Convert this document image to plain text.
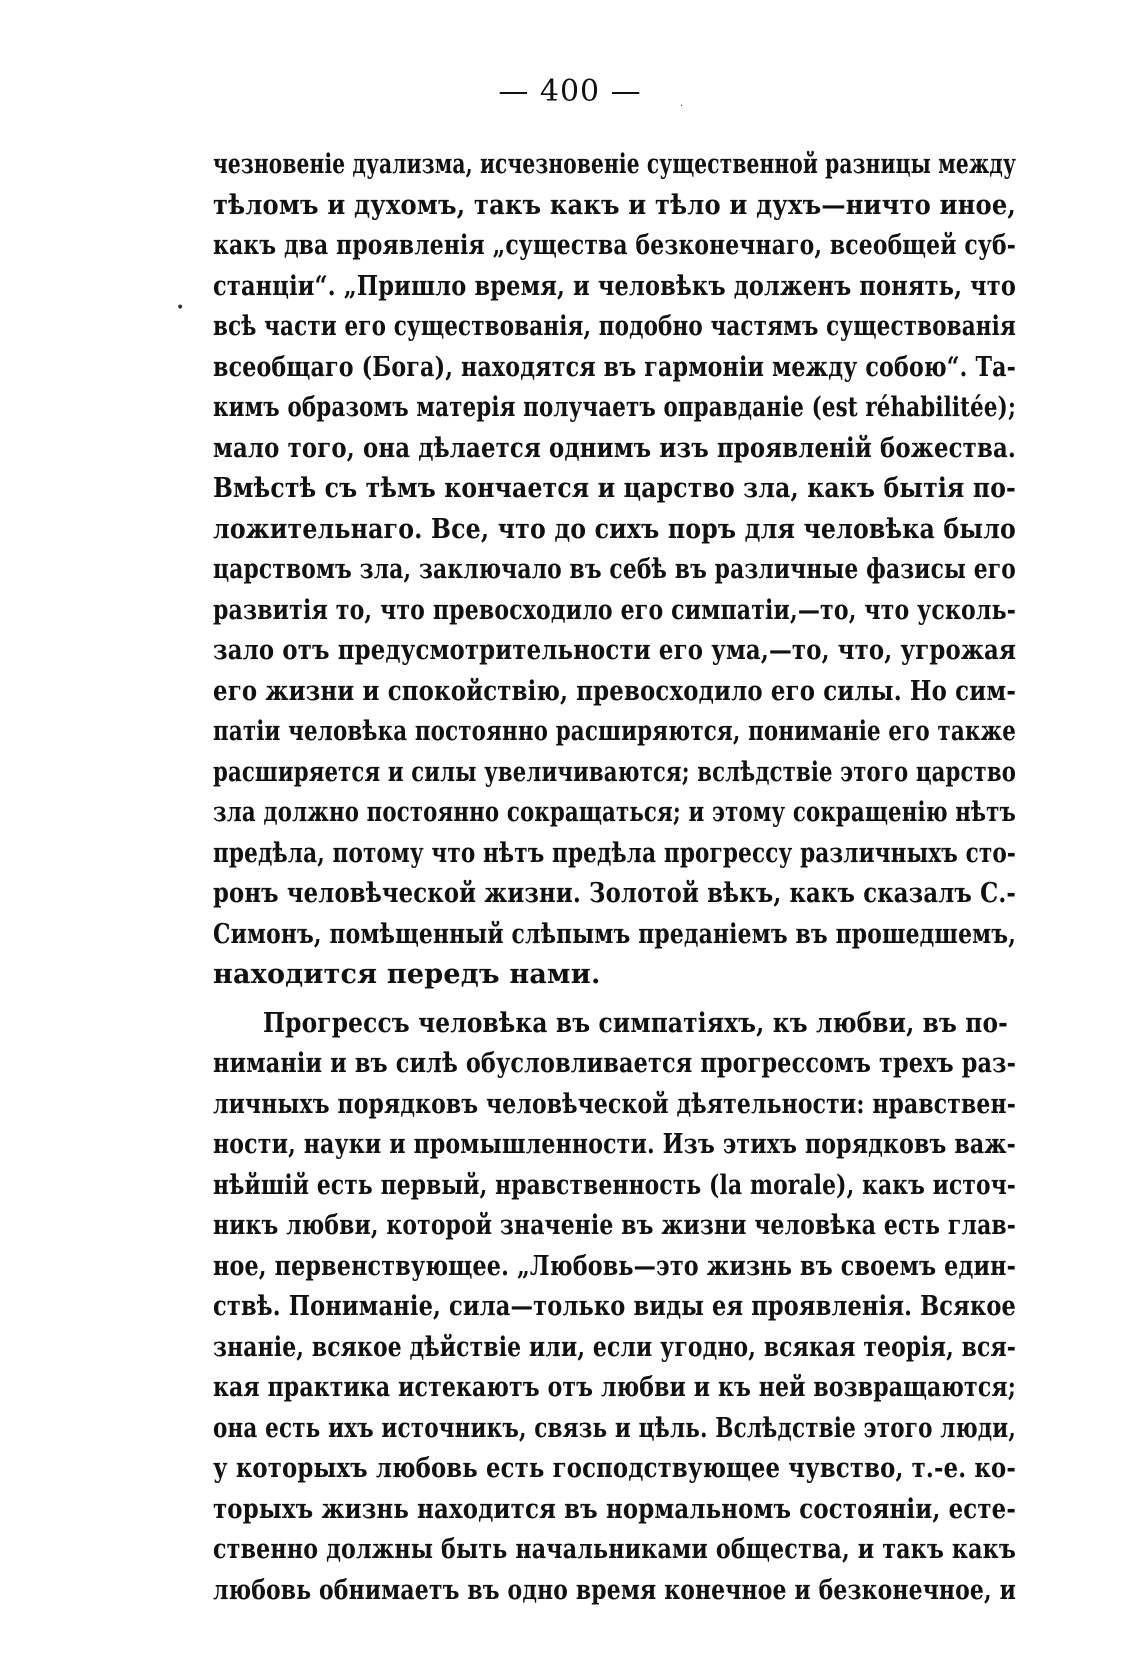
— 400 —
чезновеніе дуализма, исчезновеніе существенной разницы между
тѣломъ и духомъ, такъ какъ и тѣло и духъ—ничто иное,
какъ два проявленія „существа безконечнаго, всеобщей суб-
станціи“. „Пришло время, и человѣкъ долженъ понять, что
всѣ части его существованія, подобно частямъ существованія
всеобщаго (Бога), находятся въ гармоніи между собою“. Та-
кимъ образомъ матерія получаетъ оправданіе (est réhabilitée);
мало того, она дѣлается однимъ изъ проявленій божества.
Вмѣстѣ съ тѣмъ кончается и царство зла, какъ бытія по-
ложительнаго. Все, что до сихъ поръ для человѣка было
царствомъ зла, заключало въ себѣ въ различные фазисы его
развитія то, что превосходило его симпатіи,—то, что усколь-
зало отъ предусмотрительности его ума,—то, что, угрожая
его жизни и спокойствію, превосходило его силы. Но сим-
патіи человѣка постоянно расширяются, пониманіе его также
расширяется и силы увеличиваются; вслѣдствіе этого царство
зла должно постоянно сокращаться; и этому сокращенію нѣтъ
предѣла, потому что нѣтъ предѣла прогрессу различныхъ сто-
ронъ человѣческой жизни. Золотой вѣкъ, какъ сказалъ С.-
Симонъ, помѣщенный слѣпымъ преданіемъ въ прошедшемъ,
находится передъ нами.
Прогрессъ человѣка въ симпатіяхъ, къ любви, въ по-
ниманіи и въ силѣ обусловливается прогрессомъ трехъ раз-
личныхъ порядковъ человѣческой дѣятельности: нравствен-
ности, науки и промышленности. Изъ этихъ порядковъ важ-
нѣйшій есть первый, нравственность (la morale), какъ источ-
никъ любви, которой значеніе въ жизни человѣка есть глав-
ное, первенствующее. „Любовь—это жизнь въ своемъ един-
ствѣ. Пониманіе, сила—только виды ея проявленія. Всякое
знаніе, всякое дѣйствіе или, если угодно, всякая теорія, вся-
кая практика истекаютъ отъ любви и къ ней возвращаются;
она есть ихъ источникъ, связь и цѣль. Вслѣдствіе этого люди,
у которыхъ любовь есть господствующее чувство, т.-е. ко-
торыхъ жизнь находится въ нормальномъ состояніи, есте-
ственно должны быть начальниками общества, и такъ какъ
любовь обнимаетъ въ одно время конечное и безконечное, и
•
.
